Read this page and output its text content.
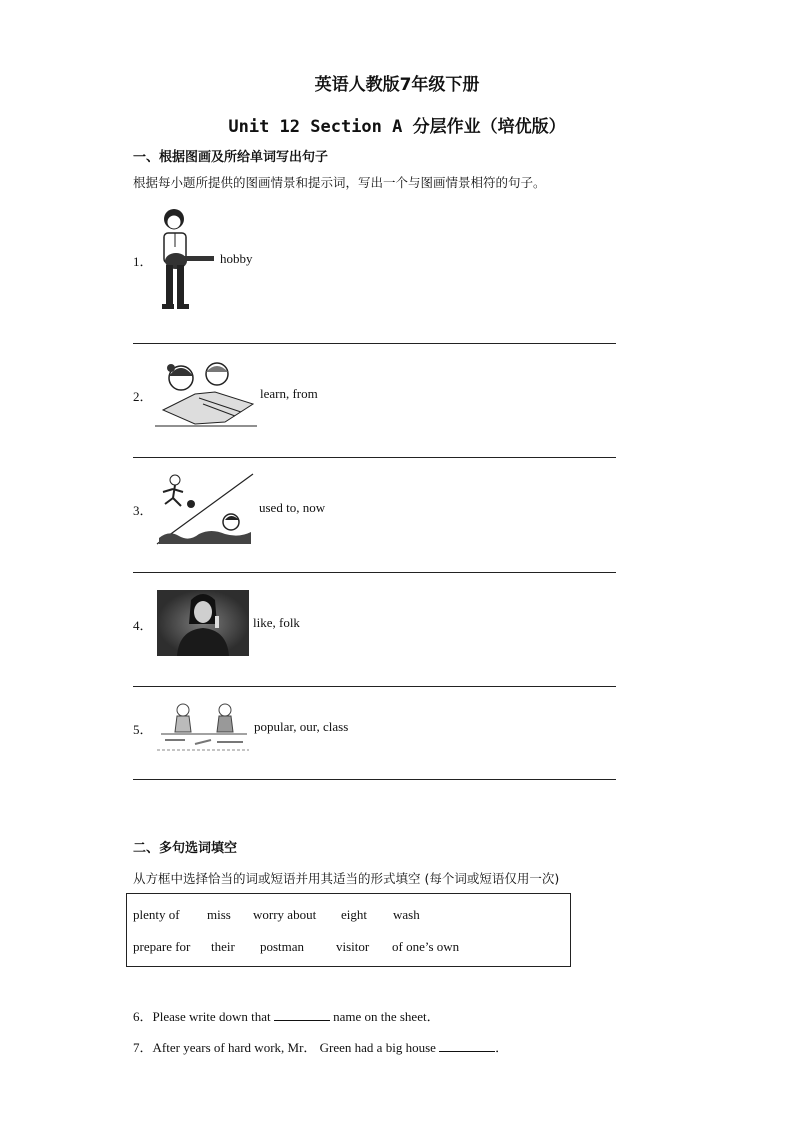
英语人教版7年级下册
Unit 12 Section A 分层作业（培优版）
一、根据图画及所给单词写出句子
根据每小题所提供的图画情景和提示词，写出一个与图画情景相符的句子。
1．	hobby
2．	learn, from
3．	used to, now
4．	like, folk
5．	popular, our, class
二、多句选词填空
从方框中选择恰当的词或短语并用其适当的形式填空 (每个词或短语仅用一次)
plenty of miss worry about eight wash
prepare for their postman visitor of one’s own
6．Please write down that	name on the sheet．
7．After years of hard work, Mr． Green had a big house	．
